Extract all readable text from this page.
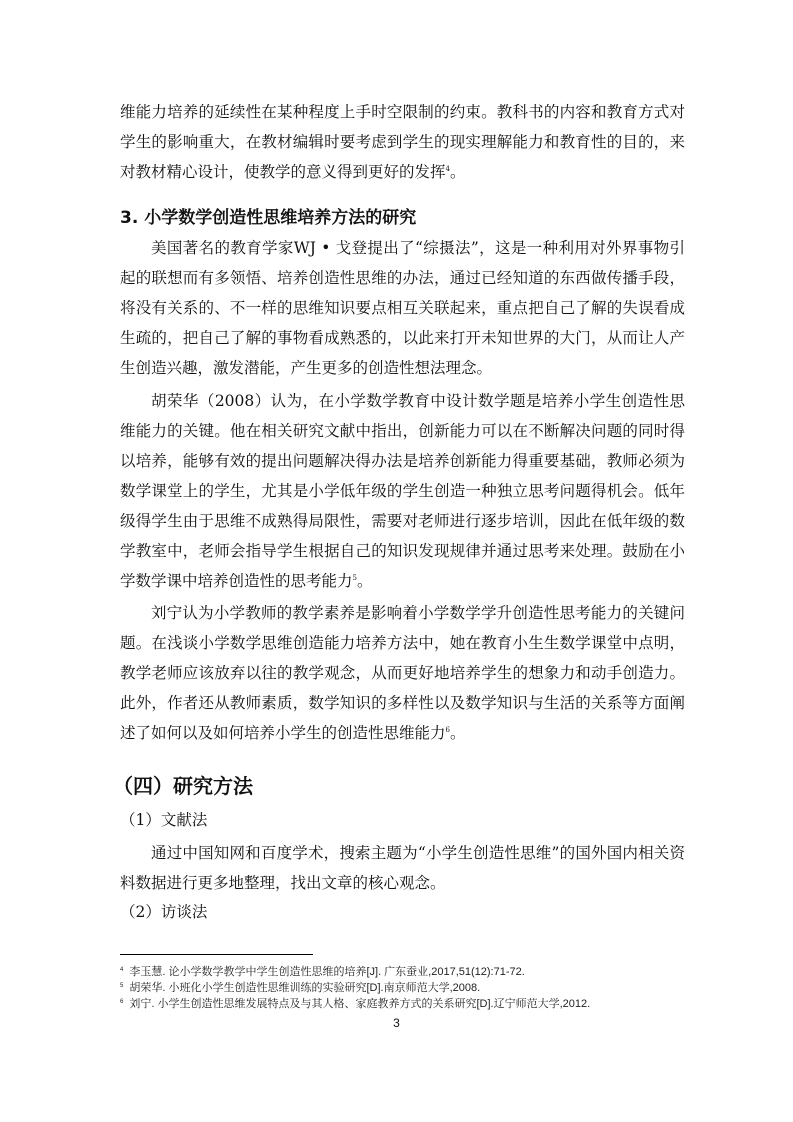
维能力培养的延续性在某种程度上手时空限制的约束。教科书的内容和教育方式对学生的影响重大，在教材编辑时要考虑到学生的现实理解能力和教育性的目的，来对教材精心设计，使教学的意义得到更好的发挥$^4$。

3. 小学数学创造性思维培养方法的研究

美国著名的教育学家WJ • 戈登提出了“综摄法”，这是一种利用对外界事物引起的联想而有多领悟、培养创造性思维的办法，通过已经知道的东西做传播手段，将没有关系的、不一样的思维知识要点相互关联起来，重点把自己了解的失误看成生疏的，把自己了解的事物看成熟悉的，以此来打开未知世界的大门，从而让人产生创造兴趣，激发潜能，产生更多的创造性想法理念。

胡荣华（2008）认为，在小学数学教育中设计数学题是培养小学生创造性思维能力的关键。他在相关研究文献中指出，创新能力可以在不断解决问题的同时得以培养，能够有效的提出问题解决得办法是培养创新能力得重要基础，教师必须为数学课堂上的学生，尤其是小学低年级的学生创造一种独立思考问题得机会。低年级得学生由于思维不成熟得局限性，需要对老师进行逐步培训，因此在低年级的数学教室中，老师会指导学生根据自己的知识发现规律并通过思考来处理。鼓励在小学数学课中培养创造性的思考能力$^5$。

刘宁认为小学教师的教学素养是影响着小学数学学升创造性思考能力的关键问题。在浅谈小学数学思维创造能力培养方法中，她在教育小生生数学课堂中点明，教学老师应该放弃以往的教学观念，从而更好地培养学生的想象力和动手创造力。此外，作者还从教师素质，数学知识的多样性以及数学知识与生活的关系等方面阐述了如何以及如何培养小学生的创造性思维能力$^6$。

（四）研究方法

（1）文献法

通过中国知网和百度学术，搜索主题为“小学生创造性思维”的国外国内相关资料数据进行更多地整理，找出文章的核心观念。

（2）访谈法

$^4$ 李玉慧. 论小学数学教学中学生创造性思维的培养[J]. 广东蚕业,2017,51(12):71-72.

$^5$ 胡荣华. 小班化小学生创造性思维训练的实验研究[D].南京师范大学,2008.

$^6$ 刘宁. 小学生创造性思维发展特点及与其人格、家庭教养方式的关系研究[D].辽宁师范大学,2012.

3
